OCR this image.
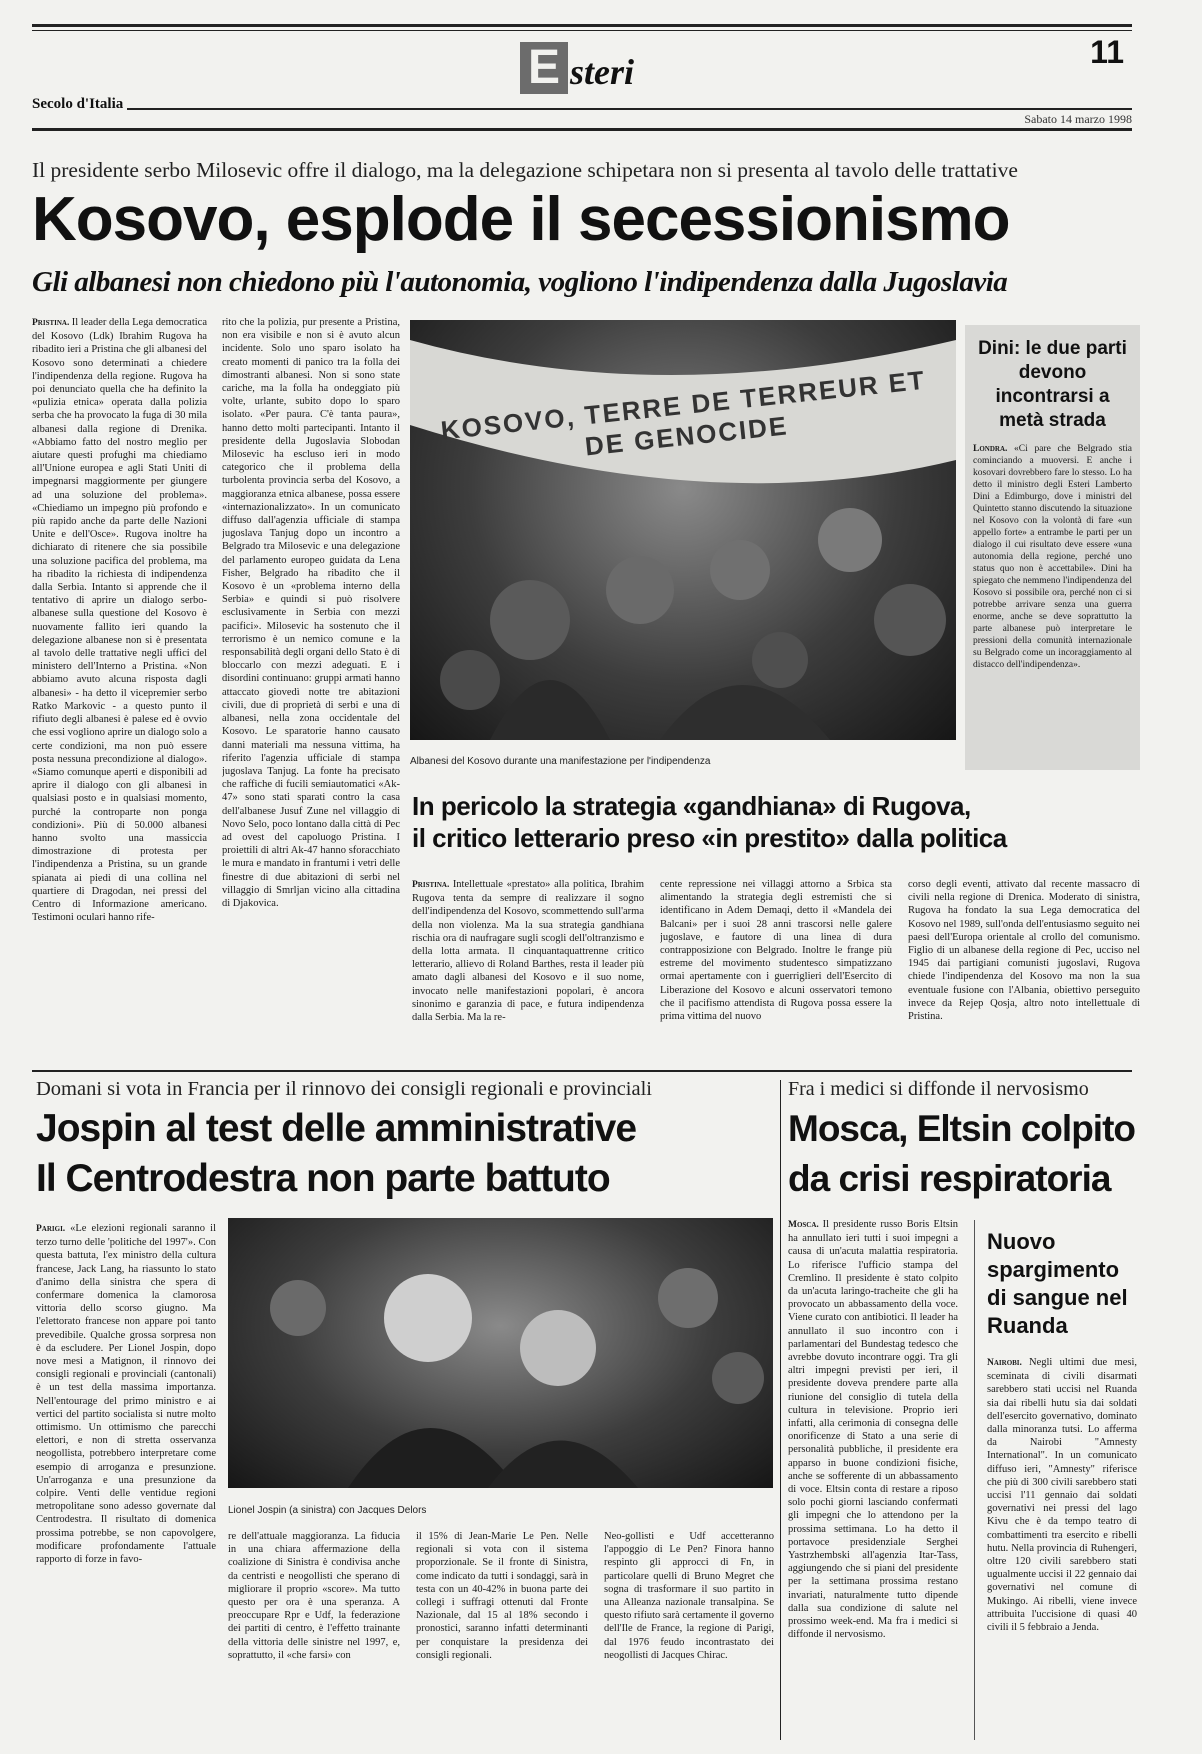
E steri	11
Secolo d'Italia
Sabato 14 marzo 1998
Il presidente serbo Milosevic offre il dialogo, ma la delegazione schipetara non si presenta al tavolo delle trattative
Kosovo, esplode il secessionismo
Gli albanesi non chiedono più l'autonomia, vogliono l'indipendenza dalla Jugoslavia
Pristina. Il leader della Lega democratica del Kosovo (Ldk) Ibrahim Rugova ha ribadito ieri a Pristina che gli albanesi del Kosovo sono determinati a chiedere l'indipendenza della regione. Rugova ha poi denunciato quella che ha definito la «pulizia etnica» operata dalla polizia serba che ha provocato la fuga di 30 mila albanesi dalla regione di Drenika. «Abbiamo fatto del nostro meglio per aiutare questi profughi ma chiediamo all'Unione europea e agli Stati Uniti di impegnarsi maggiormente per giungere ad una soluzione del problema». «Chiediamo un impegno più profondo e più rapido anche da parte delle Nazioni Unite e dell'Osce». Rugova inoltre ha dichiarato di ritenere che sia possibile una soluzione pacifica del problema, ma ha ribadito la richiesta di indipendenza dalla Serbia. Intanto si apprende che il tentativo di aprire un dialogo serbo-albanese sulla questione del Kosovo è nuovamente fallito ieri quando la delegazione albanese non si è presentata al tavolo delle trattative negli uffici del ministero dell'Interno a Pristina. «Non abbiamo avuto alcuna risposta dagli albanesi» - ha detto il vicepremier serbo Ratko Markovic - a questo punto il rifiuto degli albanesi è palese ed è ovvio che essi vogliono aprire un dialogo solo a certe condizioni, ma non può essere posta nessuna precondizione al dialogo». «Siamo comunque aperti e disponibili ad aprire il dialogo con gli albanesi in qualsiasi posto e in qualsiasi momento, purché la controparte non ponga condizioni». Più di 50.000 albanesi hanno svolto una massiccia dimostrazione di protesta per l'indipendenza a Pristina, su un grande spianata ai piedi di una collina nel quartiere di Dragodan, nei pressi del Centro di Informazione americano. Testimoni oculari hanno rife-
rito che la polizia, pur presente a Pristina, non era visibile e non si è avuto alcun incidente. Solo uno sparo isolato ha creato momenti di panico tra la folla dei dimostranti albanesi. Non si sono state cariche, ma la folla ha ondeggiato più volte, urlante, subito dopo lo sparo isolato. «Per paura. C'è tanta paura», hanno detto molti partecipanti. Intanto il presidente della Jugoslavia Slobodan Milosevic ha escluso ieri in modo categorico che il problema della turbolenta provincia serba del Kosovo, a maggioranza etnica albanese, possa essere «internazionalizzato». In un comunicato diffuso dall'agenzia ufficiale di stampa jugoslava Tanjug dopo un incontro a Belgrado tra Milosevic e una delegazione del parlamento europeo guidata da Lena Fisher, Belgrado ha ribadito che il Kosovo è un «problema interno della Serbia» e quindi si può risolvere esclusivamente in Serbia con mezzi pacifici». Milosevic ha sostenuto che il terrorismo è un nemico comune e la responsabilità degli organi dello Stato è di bloccarlo con mezzi adeguati. E i disordini continuano: gruppi armati hanno attaccato giovedì notte tre abitazioni civili, due di proprietà di serbi e una di albanesi, nella zona occidentale del Kosovo. Le sparatorie hanno causato danni materiali ma nessuna vittima, ha riferito l'agenzia ufficiale di stampa jugoslava Tanjug. La fonte ha precisato che raffiche di fucili semiautomatici «Ak-47» sono stati sparati contro la casa dell'albanese Jusuf Zune nel villaggio di Novo Selo, poco lontano dalla città di Pec ad ovest del capoluogo Pristina. I proiettili di altri Ak-47 hanno sforacchiato le mura e mandato in frantumi i vetri delle finestre di due abitazioni di serbi nel villaggio di Smrljan vicino alla cittadina di Djakovica.
KOSOVO, TERRE DE TERREUR ET DE GENOCIDE
Albanesi del Kosovo durante una manifestazione per l'indipendenza
Dini: le due parti devono incontrarsi a metà strada
Londra. «Ci pare che Belgrado stia cominciando a muoversi. E anche i kosovari dovrebbero fare lo stesso. Lo ha detto il ministro degli Esteri Lamberto Dini a Edimburgo, dove i ministri del Quintetto stanno discutendo la situazione nel Kosovo con la volontà di fare «un appello forte» a entrambe le parti per un dialogo il cui risultato deve essere «una autonomia della regione, perché uno status quo non è accettabile». Dini ha spiegato che nemmeno l'indipendenza del Kosovo si possibile ora, perché non ci si potrebbe arrivare senza una guerra enorme, anche se deve soprattutto la parte albanese può interpretare le pressioni della comunità internazionale su Belgrado come un incoraggiamento al distacco dell'indipendenza».
In pericolo la strategia «gandhiana» di Rugova,
il critico letterario preso «in prestito» dalla politica
Pristina. Intellettuale «prestato» alla politica, Ibrahim Rugova tenta da sempre di realizzare il sogno dell'indipendenza del Kosovo, scommettendo sull'arma della non violenza. Ma la sua strategia gandhiana rischia ora di naufragare sugli scogli dell'oltranzismo e della lotta armata. Il cinquantaquattrenne critico letterario, allievo di Roland Barthes, resta il leader più amato dagli albanesi del Kosovo e il suo nome, invocato nelle manifestazioni popolari, è ancora sinonimo e garanzia di pace, e futura indipendenza dalla Serbia. Ma la re-
cente repressione nei villaggi attorno a Srbica sta alimentando la strategia degli estremisti che si identificano in Adem Demaqi, detto il «Mandela dei Balcani» per i suoi 28 anni trascorsi nelle galere jugoslave, e fautore di una linea di dura contrapposizione con Belgrado. Inoltre le frange più estreme del movimento studentesco simpatizzano ormai apertamente con i guerriglieri dell'Esercito di Liberazione del Kosovo e alcuni osservatori temono che il pacifismo attendista di Rugova possa essere la prima vittima del nuovo
corso degli eventi, attivato dal recente massacro di civili nella regione di Drenica. Moderato di sinistra, Rugova ha fondato la sua Lega democratica del Kosovo nel 1989, sull'onda dell'entusiasmo seguito nei paesi dell'Europa orientale al crollo del comunismo. Figlio di un albanese della regione di Pec, ucciso nel 1945 dai partigiani comunisti jugoslavi, Rugova chiede l'indipendenza del Kosovo ma non la sua eventuale fusione con l'Albania, obiettivo perseguito invece da Rejep Qosja, altro noto intellettuale di Pristina.
Domani si vota in Francia per il rinnovo dei consigli regionali e provinciali
Jospin al test delle amministrative
Il Centrodestra non parte battuto
Parigi. «Le elezioni regionali saranno il terzo turno delle 'politiche del 1997'». Con questa battuta, l'ex ministro della cultura francese, Jack Lang, ha riassunto lo stato d'animo della sinistra che spera di confermare domenica la clamorosa vittoria dello scorso giugno. Ma l'elettorato francese non appare poi tanto prevedibile. Qualche grossa sorpresa non è da escludere. Per Lionel Jospin, dopo nove mesi a Matignon, il rinnovo dei consigli regionali e provinciali (cantonali) è un test della massima importanza. Nell'entourage del primo ministro e ai vertici del partito socialista si nutre molto ottimismo. Un ottimismo che parecchi elettori, e non di stretta osservanza neogollista, potrebbero interpretare come esempio di arroganza e presunzione. Un'arroganza e una presunzione da colpire. Venti delle ventidue regioni metropolitane sono adesso governate dal Centrodestra. Il risultato di domenica prossima potrebbe, se non capovolgere, modificare profondamente l'attuale rapporto di forze in favo-
Lionel Jospin (a sinistra) con Jacques Delors
re dell'attuale maggioranza. La fiducia in una chiara affermazione della coalizione di Sinistra è condivisa anche da centristi e neogollisti che sperano di migliorare il proprio «score». Ma tutto questo per ora è una speranza. A preoccupare Rpr e Udf, la federazione dei partiti di centro, è l'effetto trainante della vittoria delle sinistre nel 1997, e, soprattutto, il «che farsi» con
il 15% di Jean-Marie Le Pen. Nelle regionali si vota con il sistema proporzionale. Se il fronte di Sinistra, come indicato da tutti i sondaggi, sarà in testa con un 40-42% in buona parte dei collegi i suffragi ottenuti dal Fronte Nazionale, dal 15 al 18% secondo i pronostici, saranno infatti determinanti per conquistare la presidenza dei consigli regionali.
Neo-gollisti e Udf accetteranno l'appoggio di Le Pen? Finora hanno respinto gli approcci di Fn, in particolare quelli di Bruno Megret che sogna di trasformare il suo partito in una Alleanza nazionale transalpina. Se questo rifiuto sarà certamente il governo dell'Ile de France, la regione di Parigi, dal 1976 feudo incontrastato dei neogollisti di Jacques Chirac.
Fra i medici si diffonde il nervosismo
Mosca, Eltsin colpito
da crisi respiratoria
Mosca. Il presidente russo Boris Eltsin ha annullato ieri tutti i suoi impegni a causa di un'acuta malattia respiratoria. Lo riferisce l'ufficio stampa del Cremlino. Il presidente è stato colpito da un'acuta laringo-tracheite che gli ha provocato un abbassamento della voce. Viene curato con antibiotici. Il leader ha annullato il suo incontro con i parlamentari del Bundestag tedesco che avrebbe dovuto incontrare oggi. Tra gli altri impegni previsti per ieri, il presidente doveva prendere parte alla riunione del consiglio di tutela della cultura in televisione. Proprio ieri infatti, alla cerimonia di consegna delle onorificenze di Stato a una serie di personalità pubbliche, il presidente era apparso in buone condizioni fisiche, anche se sofferente di un abbassamento di voce. Eltsin conta di restare a riposo solo pochi giorni lasciando confermati gli impegni che lo attendono per la prossima settimana. Lo ha detto il portavoce presidenziale Serghei Yastrzhembski all'agenzia Itar-Tass, aggiungendo che si piani del presidente per la settimana prossima restano invariati, naturalmente tutto dipende dalla sua condizione di salute nel prossimo week-end. Ma fra i medici si diffonde il nervosismo.
Nuovo spargimento di sangue nel Ruanda
Nairobi. Negli ultimi due mesi, sceminata di civili disarmati sarebbero stati uccisi nel Ruanda sia dai ribelli hutu sia dai soldati dell'esercito governativo, dominato dalla minoranza tutsi. Lo afferma da Nairobi "Amnesty International". In un comunicato diffuso ieri, "Amnesty" riferisce che più di 300 civili sarebbero stati uccisi l'11 gennaio dai soldati governativi nei pressi del lago Kivu che è da tempo teatro di combattimenti tra esercito e ribelli hutu. Nella provincia di Ruhengeri, oltre 120 civili sarebbero stati ugualmente uccisi il 22 gennaio dai governativi nel comune di Mukingo. Ai ribelli, viene invece attribuita l'uccisione di quasi 40 civili il 5 febbraio a Jenda.
